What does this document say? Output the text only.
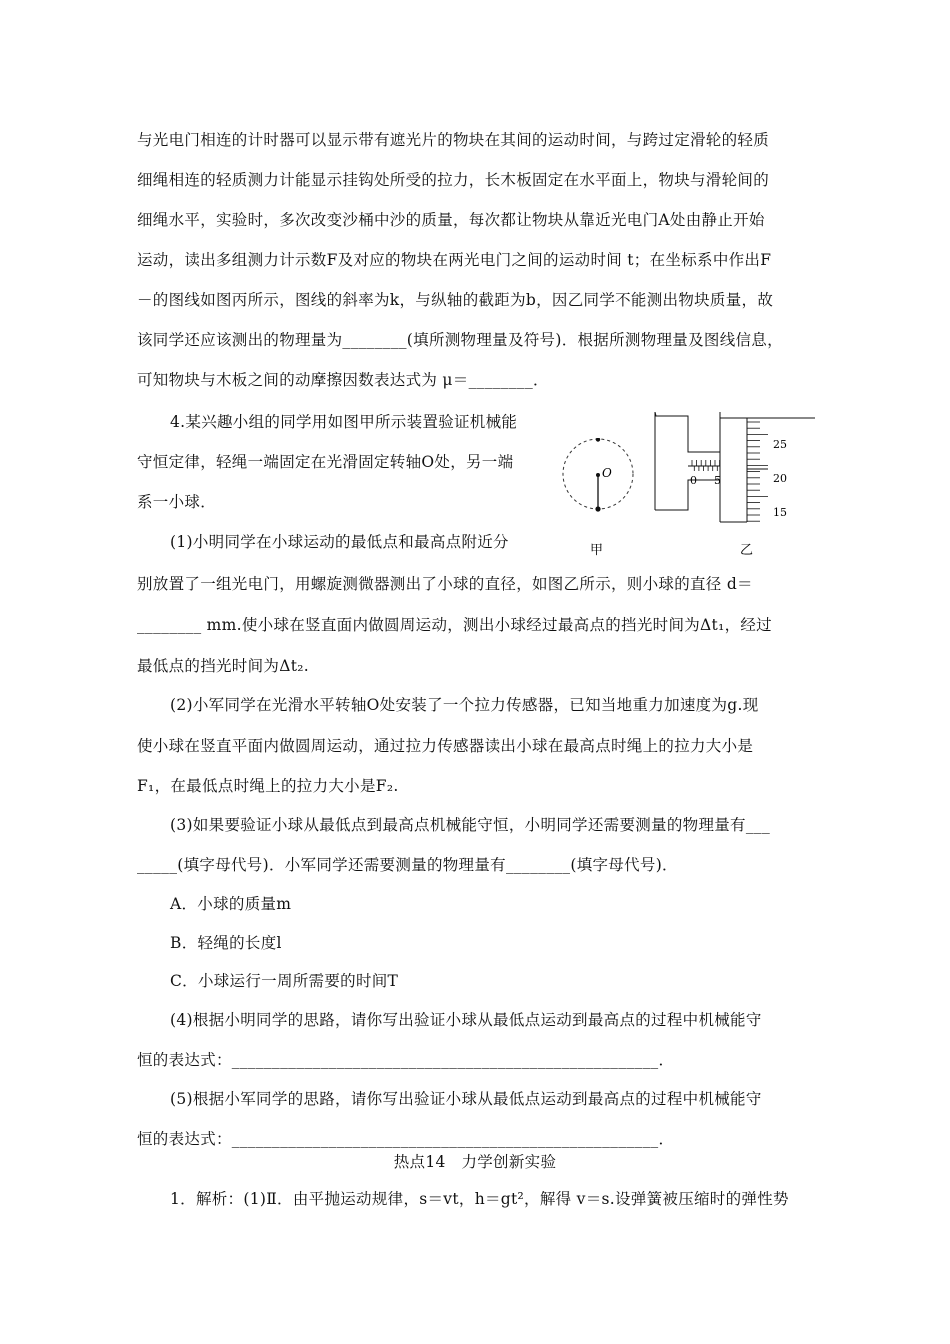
与光电门相连的计时器可以显示带有遮光片的物块在其间的运动时间，与跨过定滑轮的轻质
细绳相连的轻质测力计能显示挂钩处所受的拉力，长木板固定在水平面上，物块与滑轮间的
细绳水平，实验时，多次改变沙桶中沙的质量，每次都让物块从靠近光电门A处由静止开始
运动，读出多组测力计示数F及对应的物块在两光电门之间的运动时间 t；在坐标系中作出F
－的图线如图丙所示，图线的斜率为k，与纵轴的截距为b，因乙同学不能测出物块质量，故
该同学还应该测出的物理量为________(填所测物理量及符号)．根据所测物理量及图线信息，
可知物块与木板之间的动摩擦因数表达式为 μ＝________．
4.某兴趣小组的同学用如图甲所示装置验证机械能
守恒定律，轻绳一端固定在光滑固定转轴O处，另一端
系一小球．
(1)小明同学在小球运动的最低点和最高点附近分
别放置了一组光电门，用螺旋测微器测出了小球的直径，如图乙所示，则小球的直径 d＝
________ mm.使小球在竖直面内做圆周运动，测出小球经过最高点的挡光时间为Δt₁，经过
最低点的挡光时间为Δt₂.
(2)小军同学在光滑水平转轴O处安装了一个拉力传感器，已知当地重力加速度为g.现
使小球在竖直平面内做圆周运动，通过拉力传感器读出小球在最高点时绳上的拉力大小是
F₁，在最低点时绳上的拉力大小是F₂.
(3)如果要验证小球从最低点到最高点机械能守恒，小明同学还需要测量的物理量有___
_____(填字母代号)．小军同学还需要测量的物理量有________(填字母代号)．
A．小球的质量m
B．轻绳的长度l
C．小球运行一周所需要的时间T
(4)根据小明同学的思路，请你写出验证小球从最低点运动到最高点的过程中机械能守
恒的表达式：_____________________________________________________．
(5)根据小军同学的思路，请你写出验证小球从最低点运动到最高点的过程中机械能守
恒的表达式：_____________________________________________________．
1．解析：(1)Ⅱ．由平抛运动规律，s＝vt，h＝gt²，解得 v＝s.设弹簧被压缩时的弹性势
热点14　力学创新实验
O
甲
0 5
25
20
15
乙
